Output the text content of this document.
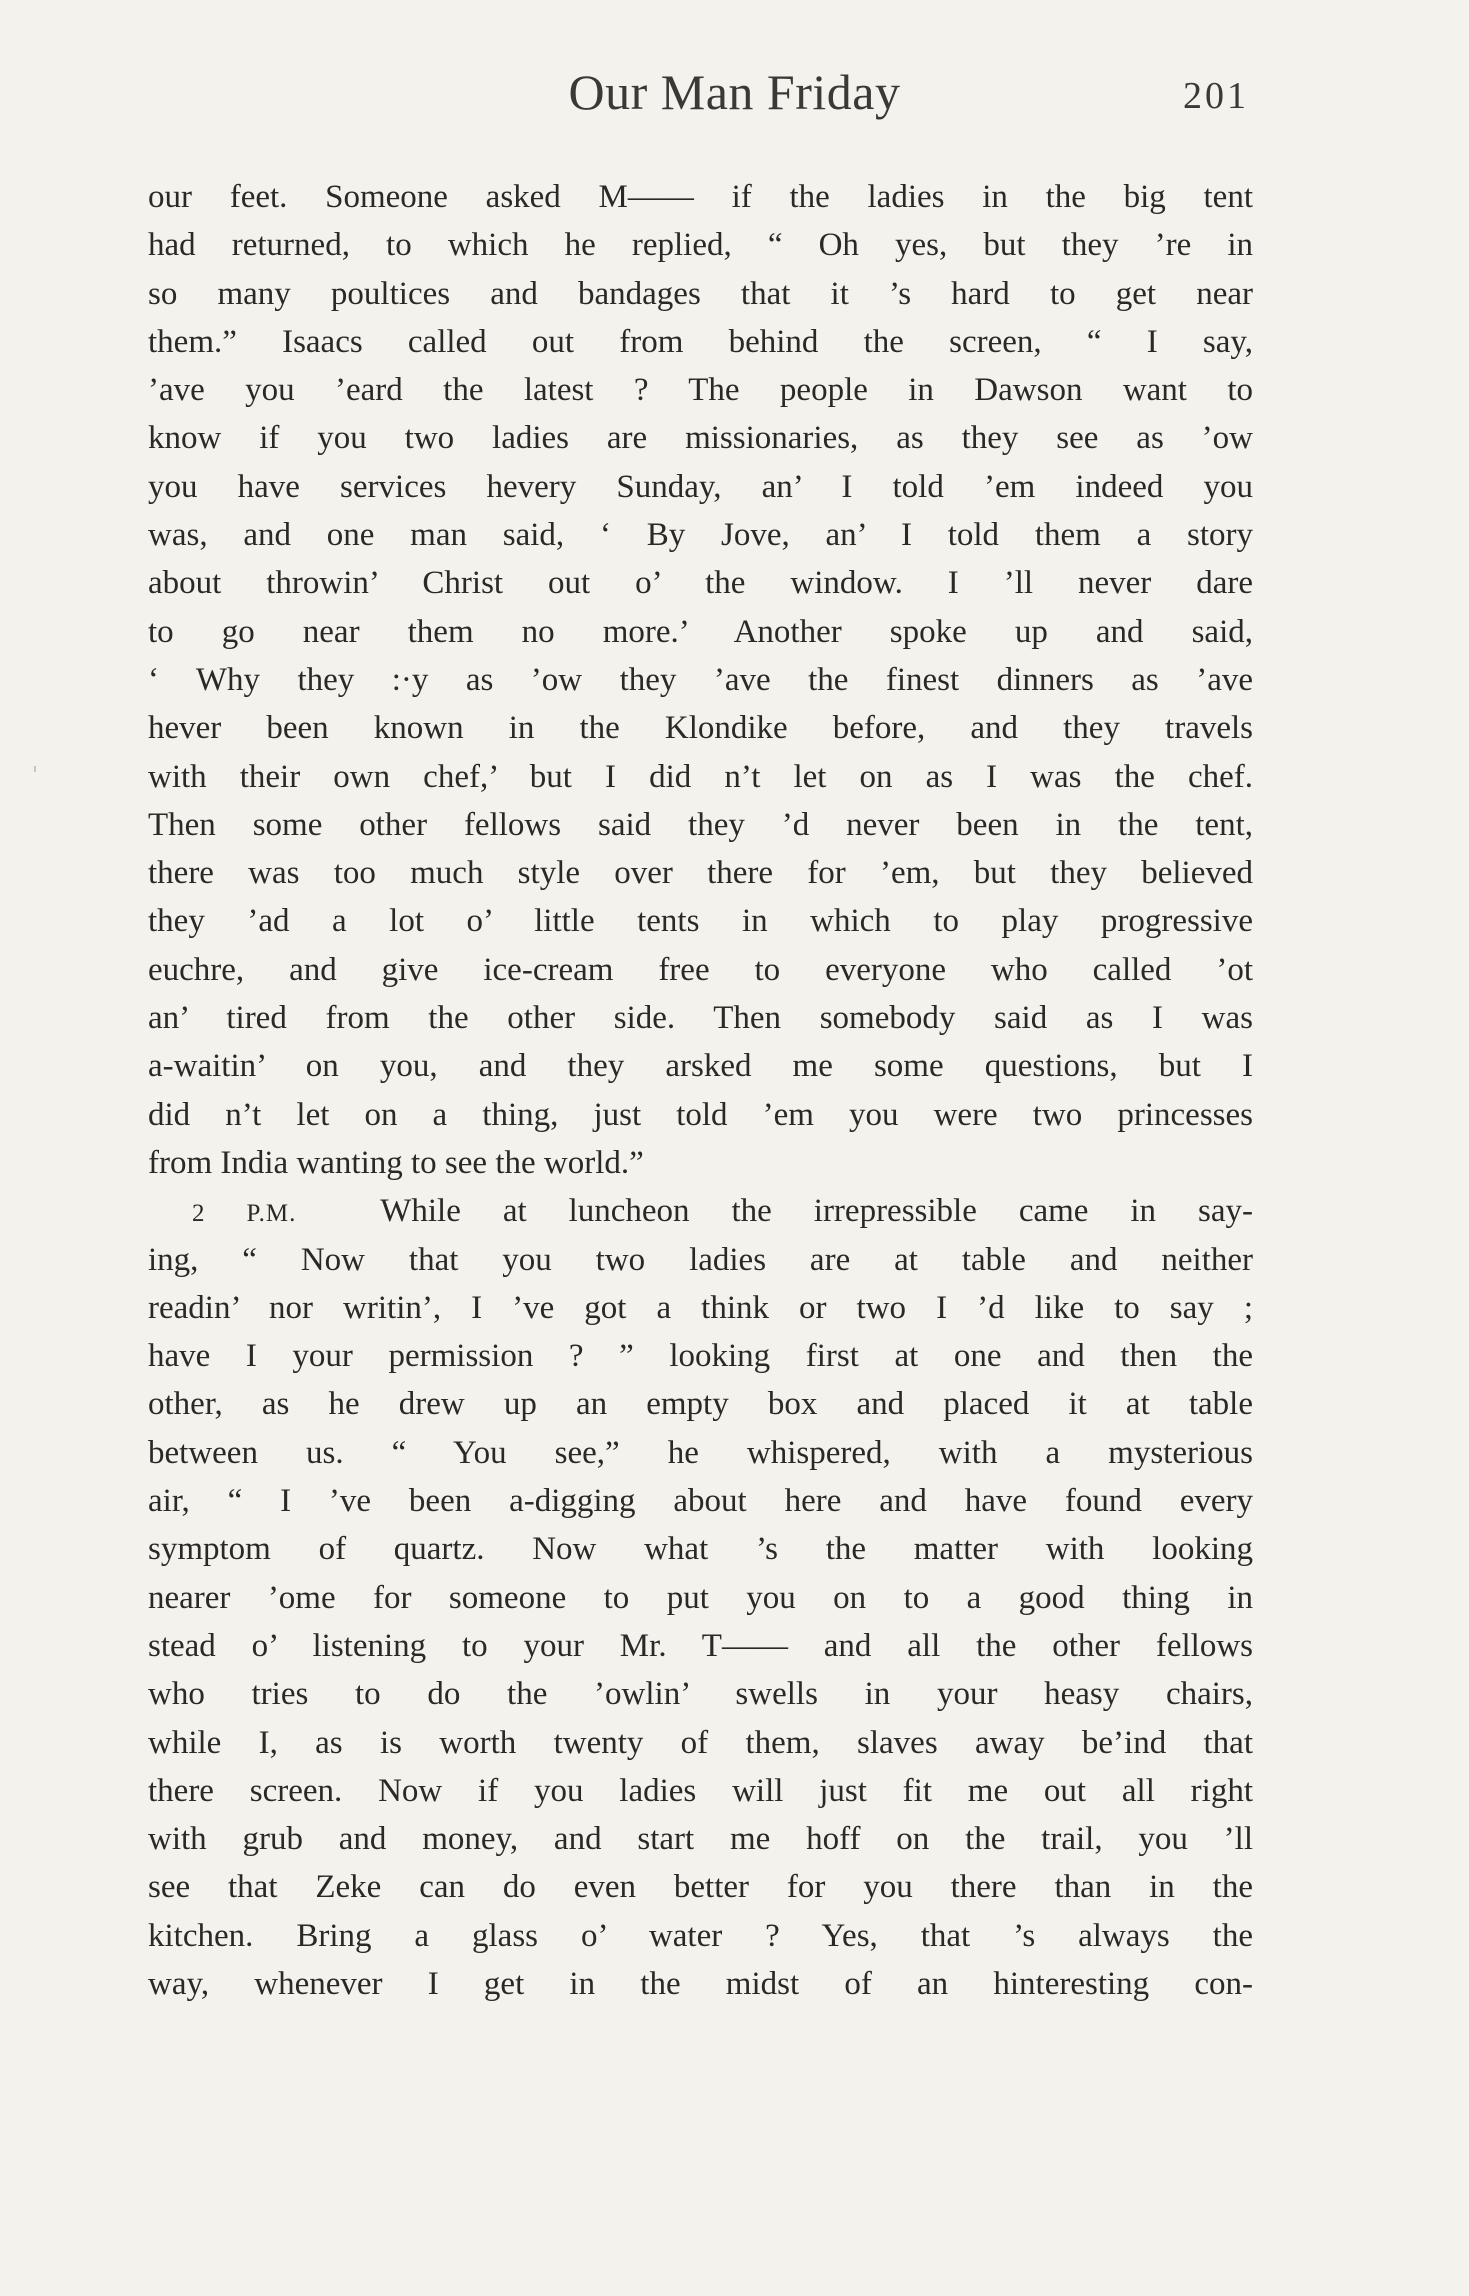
Our Man Friday	201
our feet. Someone asked M—— if the ladies in the big tent
had returned, to which he replied, “ Oh yes, but they ’re in
so many poultices and bandages that it ’s hard to get near
them.” Isaacs called out from behind the screen, “ I say,
’ave you ’eard the latest ? The people in Dawson want to
know if you two ladies are missionaries, as they see as ’ow
you have services hevery Sunday, an’ I told ’em indeed you
was, and one man said, ‘ By Jove, an’ I told them a story
about throwin’ Christ out o’ the window. I ’ll never dare
to go near them no more.’ Another spoke up and said,
‘ Why they :·y as ’ow they ’ave the finest dinners as ’ave
hever been known in the Klondike before, and they travels
with their own chef,’ but I did n’t let on as I was the chef.
Then some other fellows said they ’d never been in the tent,
there was too much style over there for ’em, but they believed
they ’ad a lot o’ little tents in which to play progressive
euchre, and give ice-cream free to everyone who called ’ot
an’ tired from the other side. Then somebody said as I was
a-waitin’ on you, and they arsked me some questions, but I
did n’t let on a thing, just told ’em you were two princesses
from India wanting to see the world.”
2 P.M.	While at luncheon the irrepressible came in say-
ing, “ Now that you two ladies are at table and neither
readin’ nor writin’, I ’ve got a think or two I ’d like to say ;
have I your permission ? ” looking first at one and then the
other, as he drew up an empty box and placed it at table
between us. “ You see,” he whispered, with a mysterious
air, “ I ’ve been a-digging about here and have found every
symptom of quartz. Now what ’s the matter with looking
nearer ’ome for someone to put you on to a good thing in
stead o’ listening to your Mr. T—— and all the other fellows
who tries to do the ’owlin’ swells in your heasy chairs,
while I, as is worth twenty of them, slaves away be’ind that
there screen. Now if you ladies will just fit me out all right
with grub and money, and start me hoff on the trail, you ’ll
see that Zeke can do even better for you there than in the
kitchen. Bring a glass o’ water ? Yes, that ’s always the
way, whenever I get in the midst of an hinteresting con-
